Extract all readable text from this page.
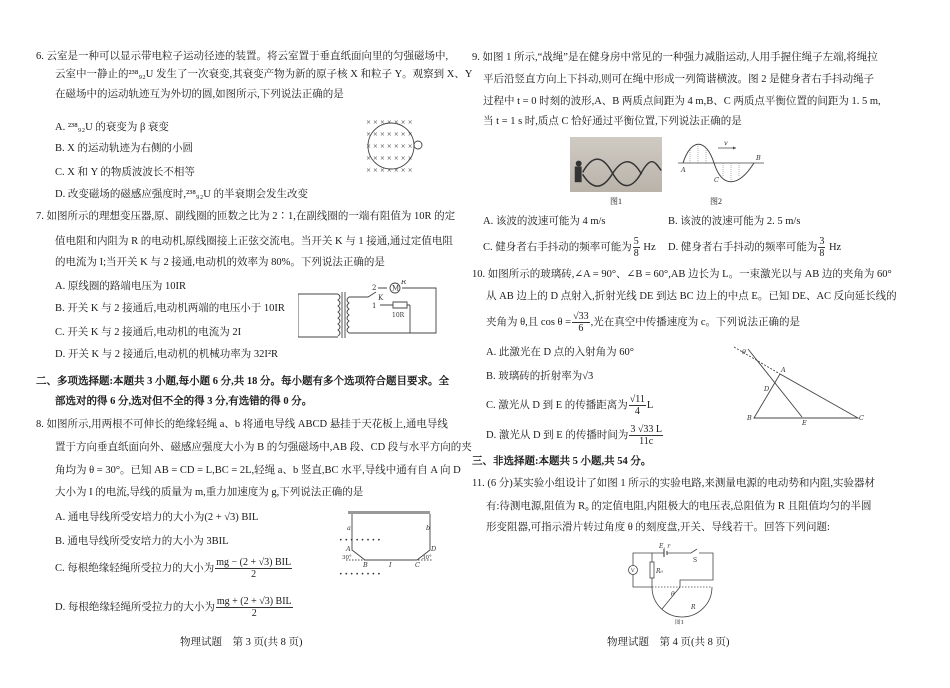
6. 云室是一种可以显示带电粒子运动径迹的装置。将云室置于垂直纸面向里的匀强磁场中,
云室中一静止的²³⁸₉₂U 发生了一次衰变,其衰变产物为新的原子核 X 和粒子 Y。观察到 X、Y
在磁场中的运动轨迹互为外切的圆,如图所示,下列说法正确的是
A. ²³⁸₉₂U 的衰变为 β 衰变
B. X 的运动轨迹为右侧的小圆
C. X 和 Y 的物质波波长不相等
D. 改变磁场的磁感应强度时,²³⁸₉₂U 的半衰期会发生改变
× × × × × × ×
× × × × × × ×
× × × × × × ×
× × × × × × ×
× × × × × × ×
7. 如图所示的理想变压器,原、副线圈的匝数之比为 2∶1,在副线圈的一端有阻值为 10R 的定
值电阻和内阻为 R 的电动机,原线圈接上正弦交流电。当开关 K 与 1 接通,通过定值电阻
的电流为 I;当开关 K 与 2 接通,电动机的效率为 80%。下列说法正确的是
A. 原线圈的路端电压为 10IR
B. 开关 K 与 2 接通后,电动机两端的电压小于 10IR
C. 开关 K 与 2 接通后,电动机的电流为 2I
D. 开关 K 与 2 接通后,电动机的机械功率为 32I²R
M
R
2
K
1
10R
二、多项选择题:本题共 3 小题,每小题 6 分,共 18 分。每小题有多个选项符合题目要求。全
部选对的得 6 分,选对但不全的得 3 分,有选错的得 0 分。
8. 如图所示,用两根不可伸长的绝缘轻绳 a、b 将通电导线 ABCD 悬挂于天花板上,通电导线
置于方向垂直纸面向外、磁感应强度大小为 B 的匀强磁场中,AB 段、CD 段与水平方向的夹
角均为 θ = 30°。已知 AB = CD = L,BC = 2L,轻绳 a、b 竖直,BC 水平,导线中通有自 A 向 D
大小为 I 的电流,导线的质量为 m,重力加速度为 g,下列说法正确的是
A. 通电导线所受安培力的大小为(2 + √3) BIL
B. 通电导线所受安培力的大小为 3BIL
C. 每根绝缘轻绳所受拉力的大小为 $\frac{\text{mg − (2 + √3) BIL}}{2}$
D. 每根绝缘轻绳所受拉力的大小为 $\frac{\text{mg + (2 + √3) BIL}}{2}$
• • • • • • • •
• • • • • • • •
a	b
A	D
B	I	C
30°	30°
物理试题　第 3 页(共 8 页)
9. 如图 1 所示,“战绳”是在健身房中常见的一种强力减脂运动,人用手握住绳子左端,将绳拉
平后沿竖直方向上下抖动,则可在绳中形成一列简谐横波。图 2 是健身者右手抖动绳子
过程中 t = 0 时刻的波形,A、B 两质点间距为 4 m,B、C 两质点平衡位置的间距为 1. 5 m,
当 t = 1 s 时,质点 C 恰好通过平衡位置,下列说法正确的是
图1
v
A
B
C
图2
A. 该波的波速可能为 4 m/s	B. 该波的波速可能为 2. 5 m/s
C. 健身者右手抖动的频率可能为 $\frac{5}{8}$ Hz D. 健身者右手抖动的频率可能为 $\frac{3}{8}$ Hz
10. 如图所示的玻璃砖,∠A = 90°、∠B = 60°,AB 边长为 L。一束激光以与 AB 边的夹角为 60°
从 AB 边上的 D 点射入,折射光线 DE 到达 BC 边上的中点 E。已知 DE、AC 反向延长线的
夹角为 θ,且 $\cos \theta = \frac{√33}{6}$ ,光在真空中传播速度为 c。下列说法正确的是
A. 此激光在 D 点的入射角为 60°
B. 玻璃砖的折射率为√3
C. 激光从 D 到 E 的传播距离为 $\frac{√11}{4}$ L
D. 激光从 D 到 E 的传播时间为 $\frac{3 √33 L}{11c}$
A
B	C
D
E
θ
三、非选择题:本题共 5 小题,共 54 分。
11. (6 分)某实验小组设计了如图 1 所示的实验电路,来测量电源的电动势和内阻,实验器材
有:待测电源,阻值为 R₀ 的定值电阻,内阻极大的电压表,总阻值为 R 且阻值均匀的半圆
形变阻器,可指示滑片转过角度 θ 的刻度盘,开关、导线若干。回答下列问题:
E, r
S
V	R₀
θ
R
图1
物理试题　第 4 页(共 8 页)
